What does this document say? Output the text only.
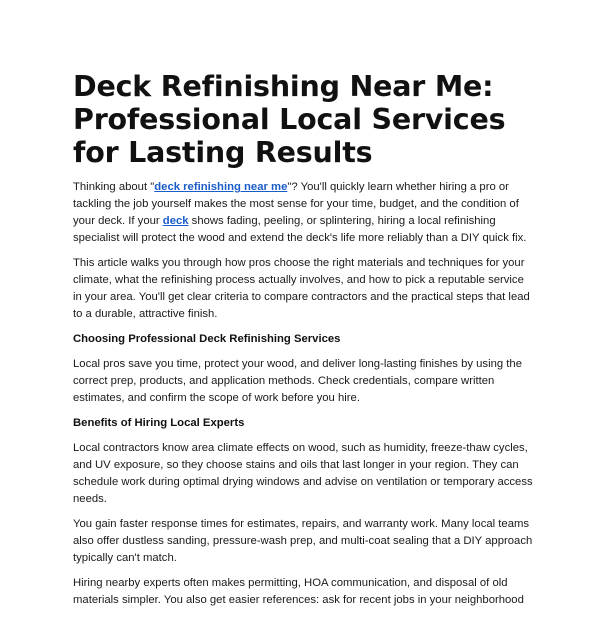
Deck Refinishing Near Me: Professional Local Services for Lasting Results

Thinking about "deck refinishing near me"? You'll quickly learn whether hiring a pro or tackling the job yourself makes the most sense for your time, budget, and the condition of your deck. If your deck shows fading, peeling, or splintering, hiring a local refinishing specialist will protect the wood and extend the deck's life more reliably than a DIY quick fix.

This article walks you through how pros choose the right materials and techniques for your climate, what the refinishing process actually involves, and how to pick a reputable service in your area. You'll get clear criteria to compare contractors and the practical steps that lead to a durable, attractive finish.

Choosing Professional Deck Refinishing Services

Local pros save you time, protect your wood, and deliver long-lasting finishes by using the correct prep, products, and application methods. Check credentials, compare written estimates, and confirm the scope of work before you hire.

Benefits of Hiring Local Experts

Local contractors know area climate effects on wood, such as humidity, freeze-thaw cycles, and UV exposure, so they choose stains and oils that last longer in your region. They can schedule work during optimal drying windows and advise on ventilation or temporary access needs.

You gain faster response times for estimates, repairs, and warranty work. Many local teams also offer dustless sanding, pressure-wash prep, and multi-coat sealing that a DIY approach typically can't match.

Hiring nearby experts often makes permitting, HOA communication, and disposal of old materials simpler. You also get easier references: ask for recent jobs in your neighborhood
